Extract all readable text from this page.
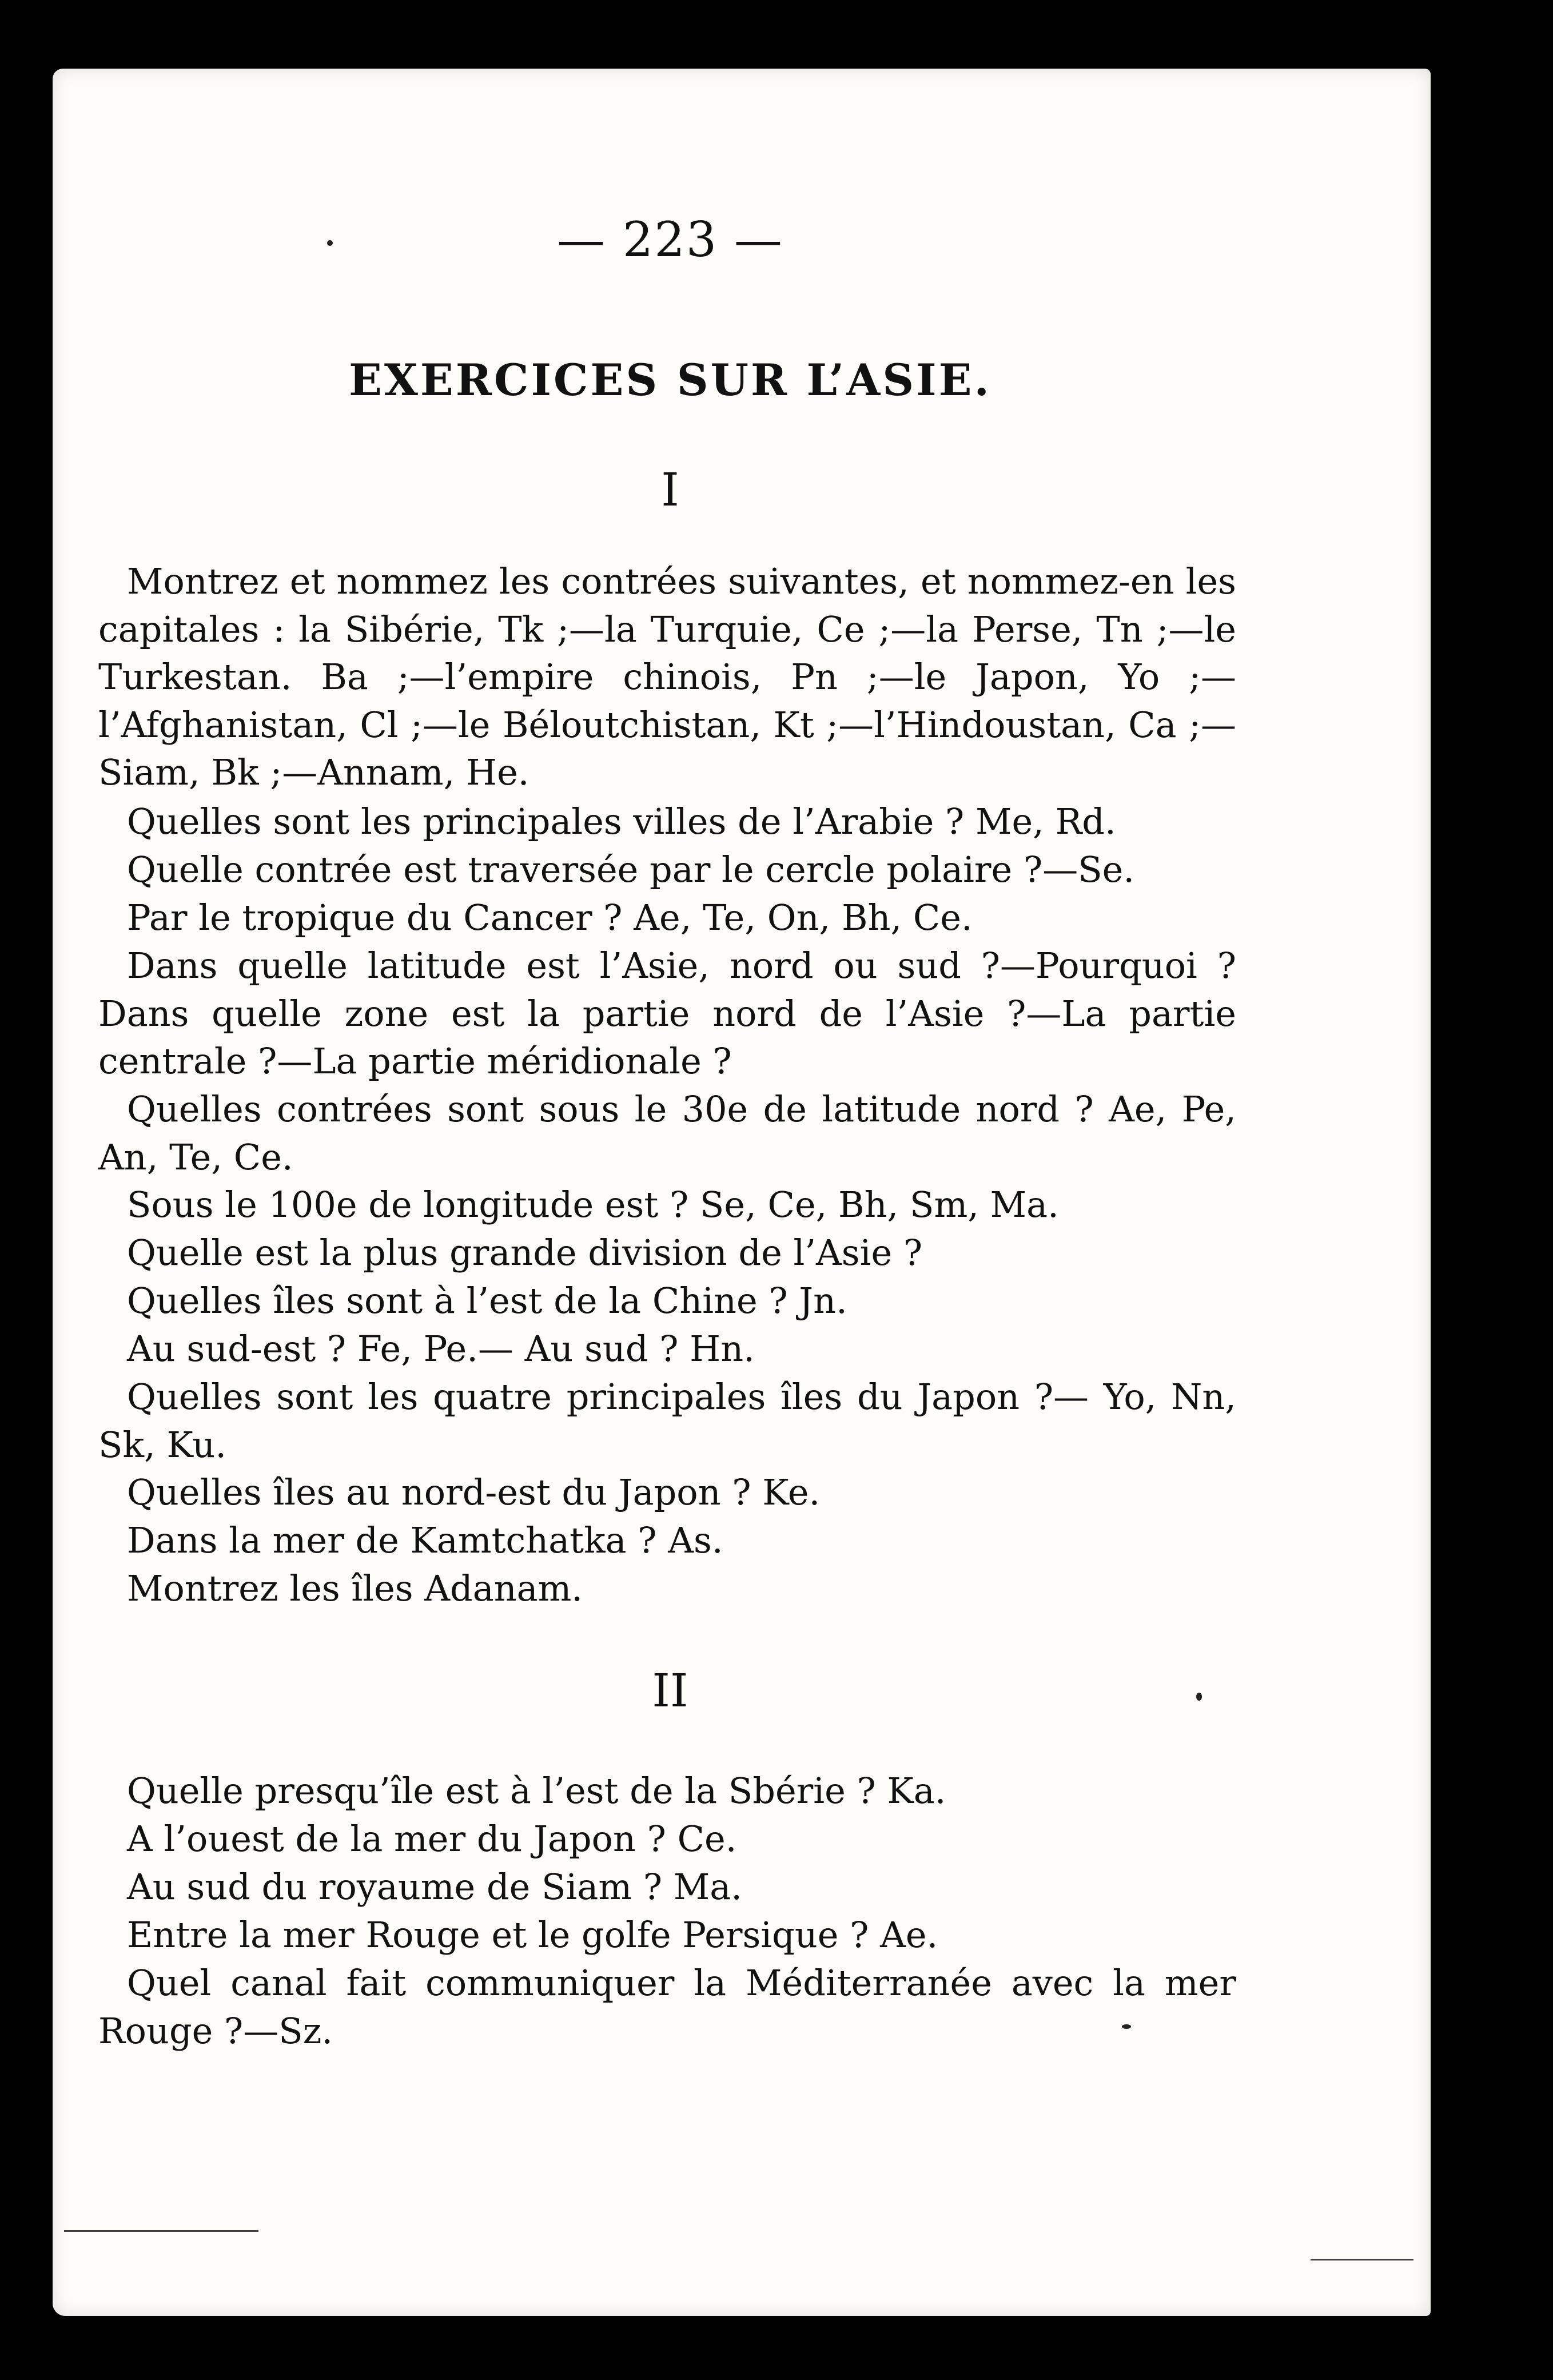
— 223 —
EXERCICES SUR L’ASIE.
I
Montrez et nommez les contrées suivantes, et nommez-en les capitales : la Sibérie, Tk ;—la Turquie, Ce ;—la Perse, Tn ;—le Turkestan. Ba ;—l’empire chinois, Pn ;—le Japon, Yo ;—l’Afghanistan, Cl ;—le Béloutchistan, Kt ;—l’Hindoustan, Ca ;—Siam, Bk ;—Annam, He.
Quelles sont les principales villes de l’Arabie ? Me, Rd.
Quelle contrée est traversée par le cercle polaire ?—Se.
Par le tropique du Cancer ? Ae, Te, On, Bh, Ce.
Dans quelle latitude est l’Asie, nord ou sud ?—Pourquoi ? Dans quelle zone est la partie nord de l’Asie ?—La partie centrale ?—La partie méridionale ?
Quelles contrées sont sous le 30e de latitude nord ? Ae, Pe, An, Te, Ce.
Sous le 100e de longitude est ? Se, Ce, Bh, Sm, Ma.
Quelle est la plus grande division de l’Asie ?
Quelles îles sont à l’est de la Chine ? Jn.
Au sud-est ? Fe, Pe.— Au sud ? Hn.
Quelles sont les quatre principales îles du Japon ?— Yo, Nn, Sk, Ku.
Quelles îles au nord-est du Japon ? Ke.
Dans la mer de Kamtchatka ? As.
Montrez les îles Adanam.
II
Quelle presqu’île est à l’est de la Sbérie ? Ka.
A l’ouest de la mer du Japon ? Ce.
Au sud du royaume de Siam ? Ma.
Entre la mer Rouge et le golfe Persique ? Ae.
Quel canal fait communiquer la Méditerranée avec la mer Rouge ?—Sz.
